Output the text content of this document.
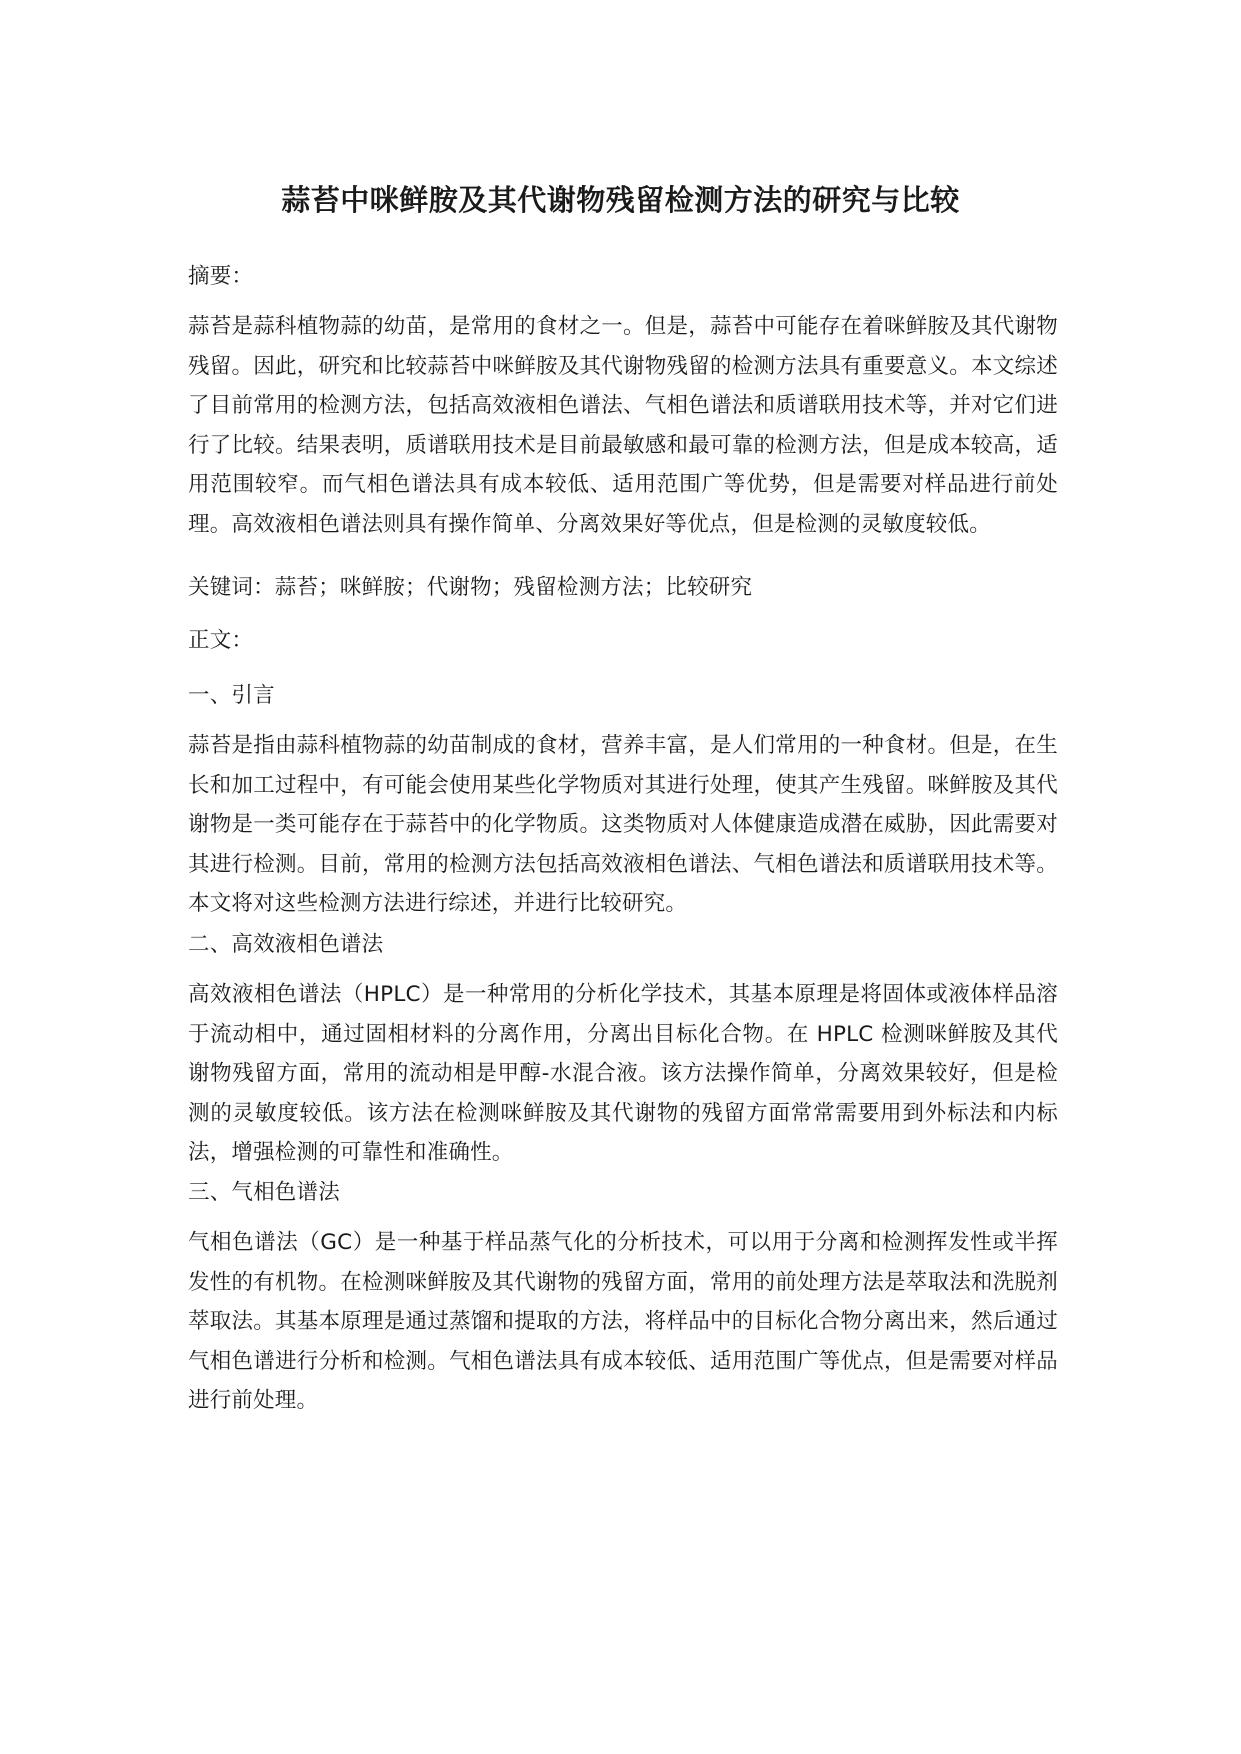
蒜苔中咪鲜胺及其代谢物残留检测方法的研究与比较

摘要：

蒜苔是蒜科植物蒜的幼苗，是常用的食材之一。但是，蒜苔中可能存在着咪鲜胺及其代谢物残留。因此，研究和比较蒜苔中咪鲜胺及其代谢物残留的检测方法具有重要意义。本文综述了目前常用的检测方法，包括高效液相色谱法、气相色谱法和质谱联用技术等，并对它们进行了比较。结果表明，质谱联用技术是目前最敏感和最可靠的检测方法，但是成本较高，适用范围较窄。而气相色谱法具有成本较低、适用范围广等优势，但是需要对样品进行前处理。高效液相色谱法则具有操作简单、分离效果好等优点，但是检测的灵敏度较低。

关键词：蒜苔；咪鲜胺；代谢物；残留检测方法；比较研究

正文：

一、引言

蒜苔是指由蒜科植物蒜的幼苗制成的食材，营养丰富，是人们常用的一种食材。但是，在生长和加工过程中，有可能会使用某些化学物质对其进行处理，使其产生残留。咪鲜胺及其代谢物是一类可能存在于蒜苔中的化学物质。这类物质对人体健康造成潜在威胁，因此需要对其进行检测。目前，常用的检测方法包括高效液相色谱法、气相色谱法和质谱联用技术等。本文将对这些检测方法进行综述，并进行比较研究。

二、高效液相色谱法

高效液相色谱法（HPLC）是一种常用的分析化学技术，其基本原理是将固体或液体样品溶于流动相中，通过固相材料的分离作用，分离出目标化合物。在 HPLC 检测咪鲜胺及其代谢物残留方面，常用的流动相是甲醇-水混合液。该方法操作简单，分离效果较好，但是检测的灵敏度较低。该方法在检测咪鲜胺及其代谢物的残留方面常常需要用到外标法和内标法，增强检测的可靠性和准确性。

三、气相色谱法

气相色谱法（GC）是一种基于样品蒸气化的分析技术，可以用于分离和检测挥发性或半挥发性的有机物。在检测咪鲜胺及其代谢物的残留方面，常用的前处理方法是萃取法和洗脱剂萃取法。其基本原理是通过蒸馏和提取的方法，将样品中的目标化合物分离出来，然后通过气相色谱进行分析和检测。气相色谱法具有成本较低、适用范围广等优点，但是需要对样品进行前处理。
